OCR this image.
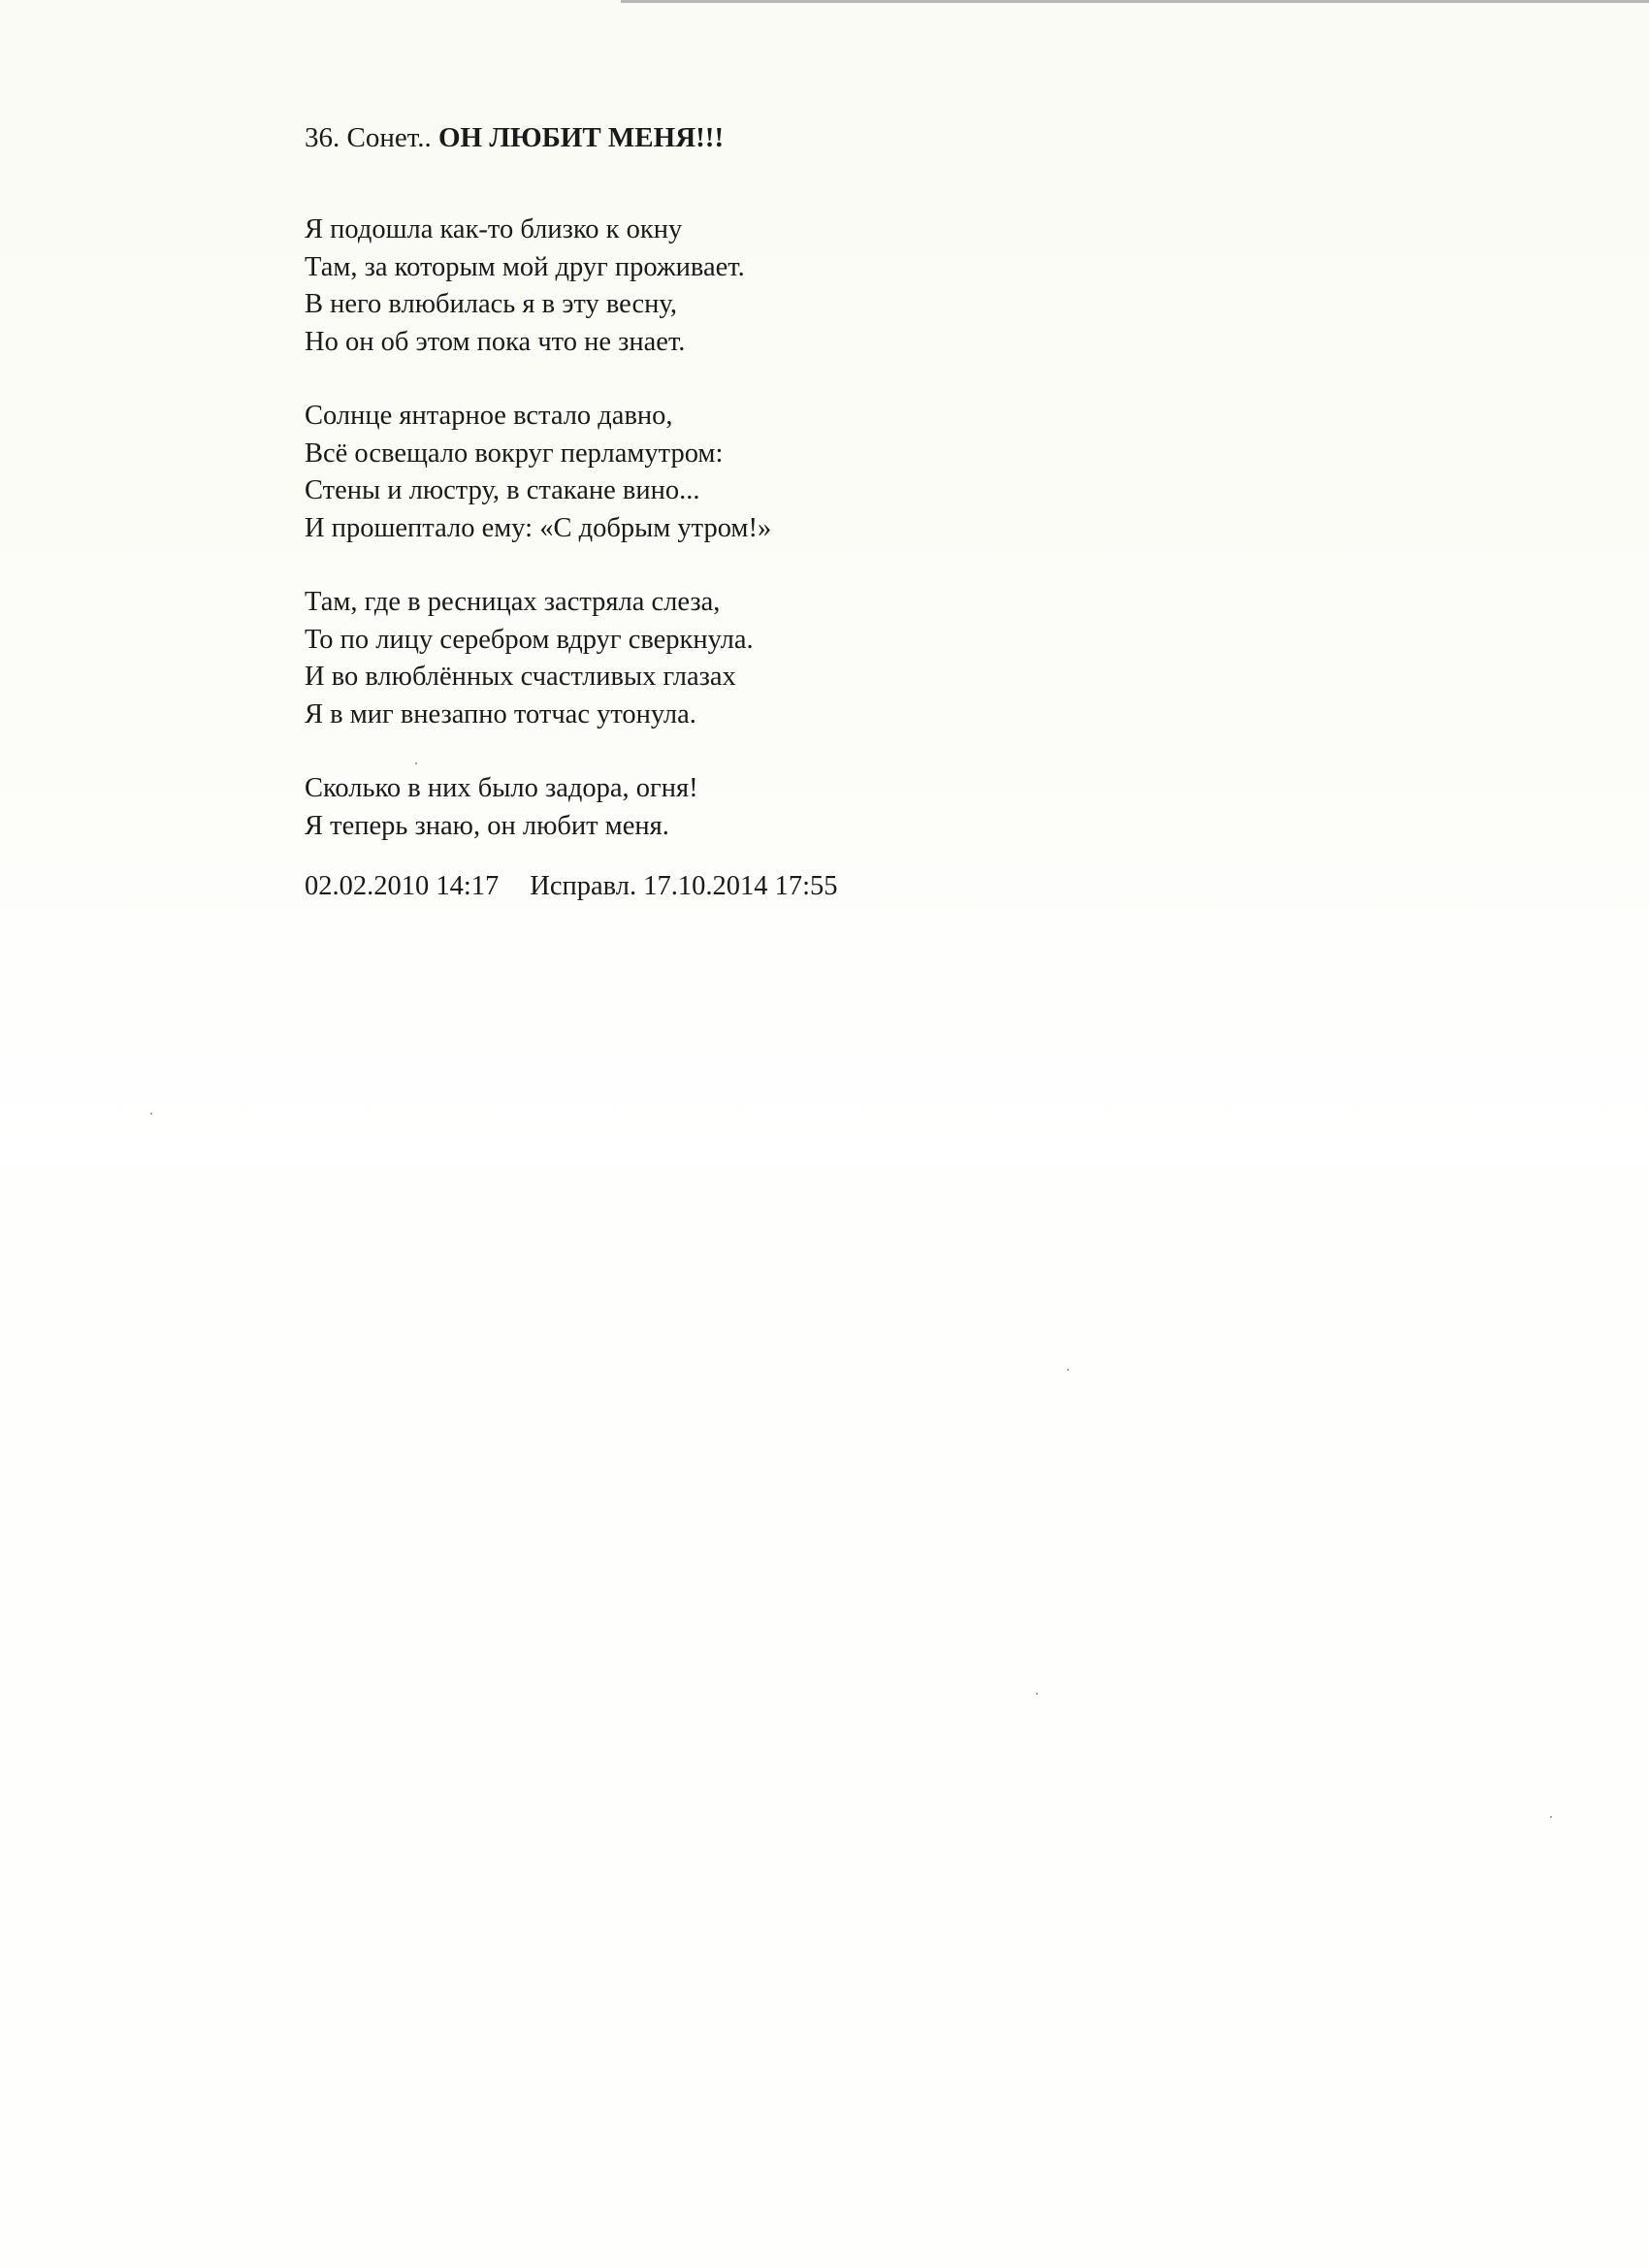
36. Сонет.. ОН ЛЮБИТ МЕНЯ!!!

Я подошла как-то близко к окну
Там, за которым мой друг проживает.
В него влюбилась я в эту весну,
Но он об этом пока что не знает.
Солнце янтарное встало давно,
Всё освещало вокруг перламутром:
Стены и люстру, в стакане вино...
И прошептало ему: «С добрым утром!»
Там, где в ресницах застряла слеза,
То по лицу серебром вдруг сверкнула.
И во влюблённых счастливых глазах
Я в миг внезапно тотчас утонула.
Сколько в них было задора, огня!
Я теперь знаю, он любит меня.
02.02.2010 14:17 Исправл. 17.10.2014 17:55
